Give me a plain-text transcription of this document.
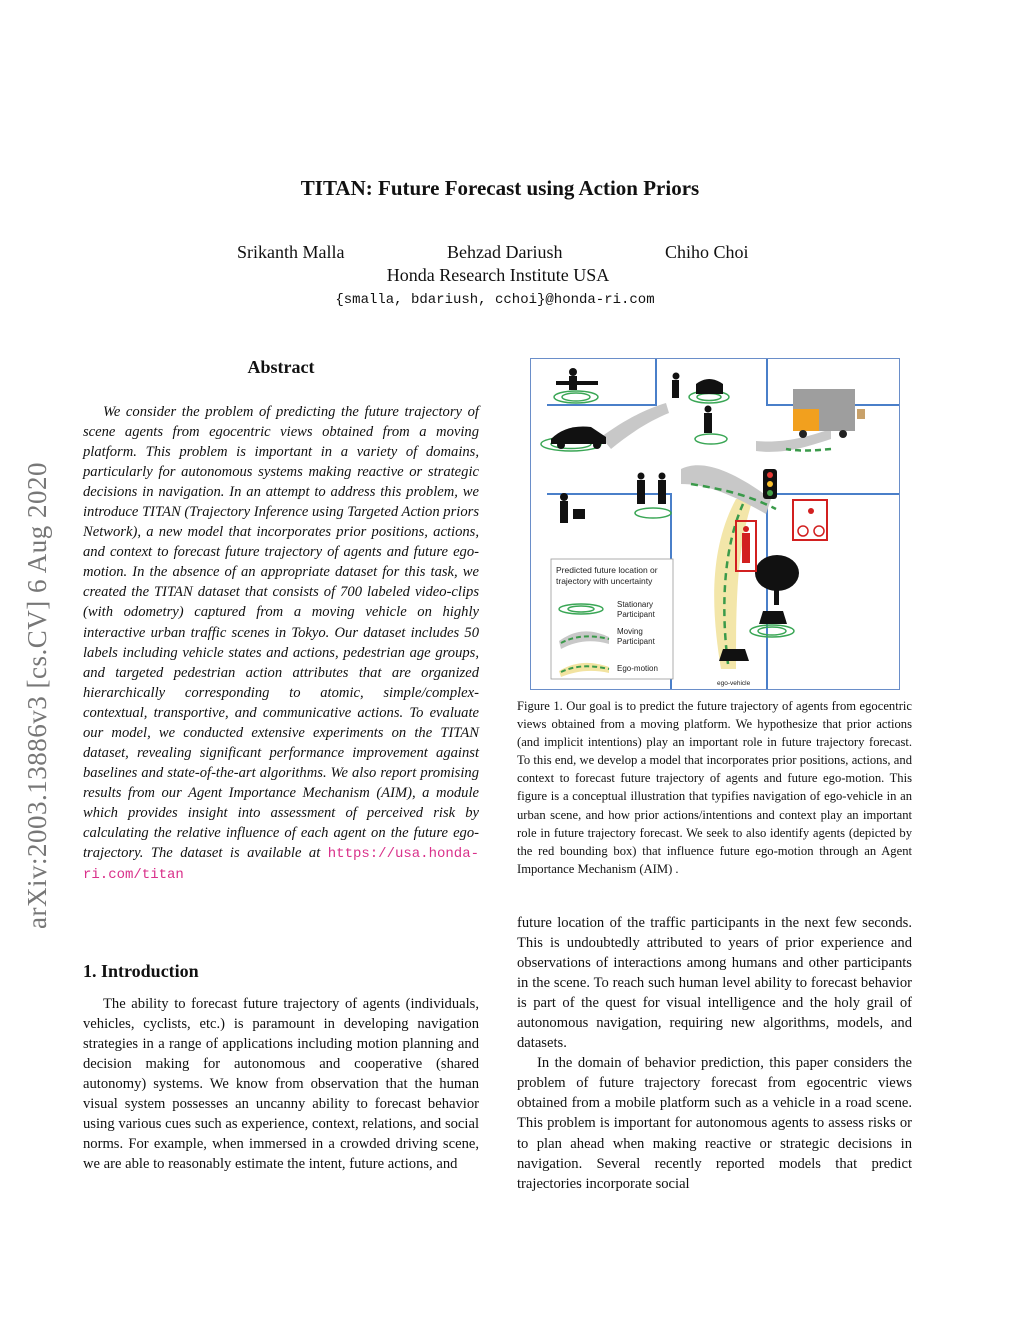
TITAN: Future Forecast using Action Priors
Srikanth Malla	Behzad Dariush	Chiho Choi
Honda Research Institute USA
{smalla, bdariush, cchoi}@honda-ri.com
arXiv:2003.13886v3 [cs.CV] 6 Aug 2020
Abstract

We consider the problem of predicting the future trajectory of scene agents from egocentric views obtained from a moving platform. This problem is important in a variety of domains, particularly for autonomous systems making reactive or strategic decisions in navigation. In an attempt to address this problem, we introduce TITAN (Trajectory Inference using Targeted Action priors Network), a new model that incorporates prior positions, actions, and context to forecast future trajectory of agents and future ego-motion. In the absence of an appropriate dataset for this task, we created the TITAN dataset that consists of 700 labeled video-clips (with odometry) captured from a moving vehicle on highly interactive urban traffic scenes in Tokyo. Our dataset includes 50 labels including vehicle states and actions, pedestrian age groups, and targeted pedestrian action attributes that are organized hierarchically corresponding to atomic, simple/complex-contextual, transportive, and communicative actions. To evaluate our model, we conducted extensive experiments on the TITAN dataset, revealing significant performance improvement against baselines and state-of-the-art algorithms. We also report promising results from our Agent Importance Mechanism (AIM), a module which provides insight into assessment of perceived risk by calculating the relative influence of each agent on the future ego-trajectory. The dataset is available at https://usa.honda-ri.com/titan

1. Introduction

The ability to forecast future trajectory of agents (individuals, vehicles, cyclists, etc.) is paramount in developing navigation strategies in a range of applications including motion planning and decision making for autonomous and cooperative (shared autonomy) systems. We know from observation that the human visual system possesses an uncanny ability to forecast behavior using various cues such as experience, context, relations, and social norms. For example, when immersed in a crowded driving scene, we are able to reasonably estimate the intent, future actions, and

Predicted future location or
trajectory with uncertainty
Stationary
Participant
Moving
Participant
Ego-motion
ego-vehicle
Figure 1. Our goal is to predict the future trajectory of agents from egocentric views obtained from a moving platform. We hypothesize that prior actions (and implicit intentions) play an important role in future trajectory forecast. To this end, we develop a model that incorporates prior positions, actions, and context to forecast future trajectory of agents and future ego-motion. This figure is a conceptual illustration that typifies navigation of ego-vehicle in an urban scene, and how prior actions/intentions and context play an important role in future trajectory forecast. We seek to also identify agents (depicted by the red bounding box) that influence future ego-motion through an Agent Importance Mechanism (AIM) .

future location of the traffic participants in the next few seconds. This is undoubtedly attributed to years of prior experience and observations of interactions among humans and other participants in the scene. To reach such human level ability to forecast behavior is part of the quest for visual intelligence and the holy grail of autonomous navigation, requiring new algorithms, models, and datasets.

In the domain of behavior prediction, this paper considers the problem of future trajectory forecast from egocentric views obtained from a mobile platform such as a vehicle in a road scene. This problem is important for autonomous agents to assess risks or to plan ahead when making reactive or strategic decisions in navigation. Several recently reported models that predict trajectories incorporate social
